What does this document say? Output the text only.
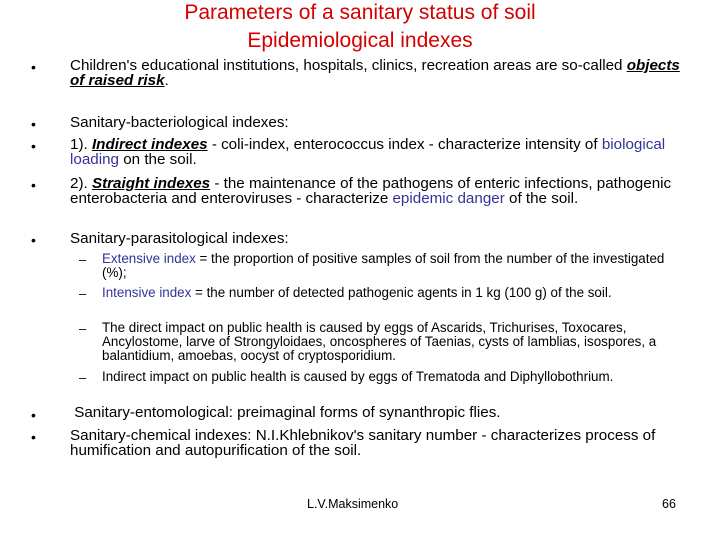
Parameters of a sanitary status of soil
Epidemiological indexes
• Children's educational institutions, hospitals, clinics, recreation areas are so-called objects of raised risk.
• Sanitary-bacteriological indexes:
• 1). Indirect indexes - coli-index, enterococcus index - characterize intensity of biological loading on the soil.
• 2). Straight indexes - the maintenance of the pathogens of enteric infections, pathogenic enterobacteria and enteroviruses - characterize epidemic danger of the soil.
• Sanitary-parasitological indexes:
– Extensive index = the proportion of positive samples of soil from the number of the investigated (%);
– Intensive index = the number of detected pathogenic agents in 1 kg (100 g) of the soil.
– The direct impact on public health is caused by eggs of Ascarids, Trichurises, Toxocares, Ancylostome, larve of Strongyloidaes, oncospheres of Taenias, cysts of lamblias, isospores, a balantidium, amoebas, oocyst of cryptosporidium.
– Indirect impact on public health is caused by eggs of Trematoda and Diphyllobothrium.
• Sanitary-entomological: preimaginal forms of synanthropic flies.
• Sanitary-chemical indexes: N.I.Khlebnikov's sanitary number - characterizes process of humification and autopurification of the soil.
L.V.Maksimenko	66
